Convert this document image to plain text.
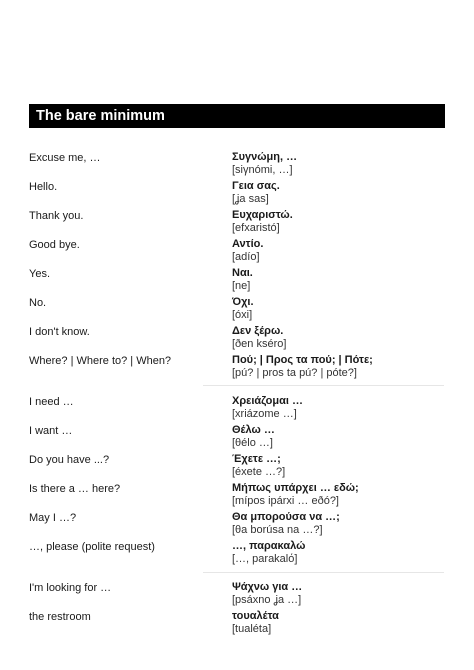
The bare minimum
Excuse me, …	Συγνώμη, …
[siγnómi, …]
Hello.	Γεια σας.
[ʝa sas]
Thank you.	Ευχαριστώ.
[efxaristó]
Good bye.	Αντίο.
[adío]
Yes.	Ναι.
[ne]
No.	Όχι.
[óxi]
I don't know.	Δεν ξέρω.
[ðen ksérο]
Where? | Where to? | When?	Πού; | Προς τα πού; | Πότε;
[pú? | pros ta pú? | póte?]
I need …	Χρειάζομαι …
[xriázome …]
I want …	Θέλω …
[θélο …]
Do you have ...?	Έχετε …;
[éxete …?]
Is there a … here?	Μήπως υπάρχει … εδώ;
[mípos ipárxi … eðó?]
May I …?	Θα μπορούσα να …;
[θa borúsa na …?]
…, please (polite request)	…, παρακαλώ
[…, parakalό]
I'm looking for …	Ψάχνω για …
[psáxno ʝa …]
the restroom	τουαλέτα
[tualéta]
